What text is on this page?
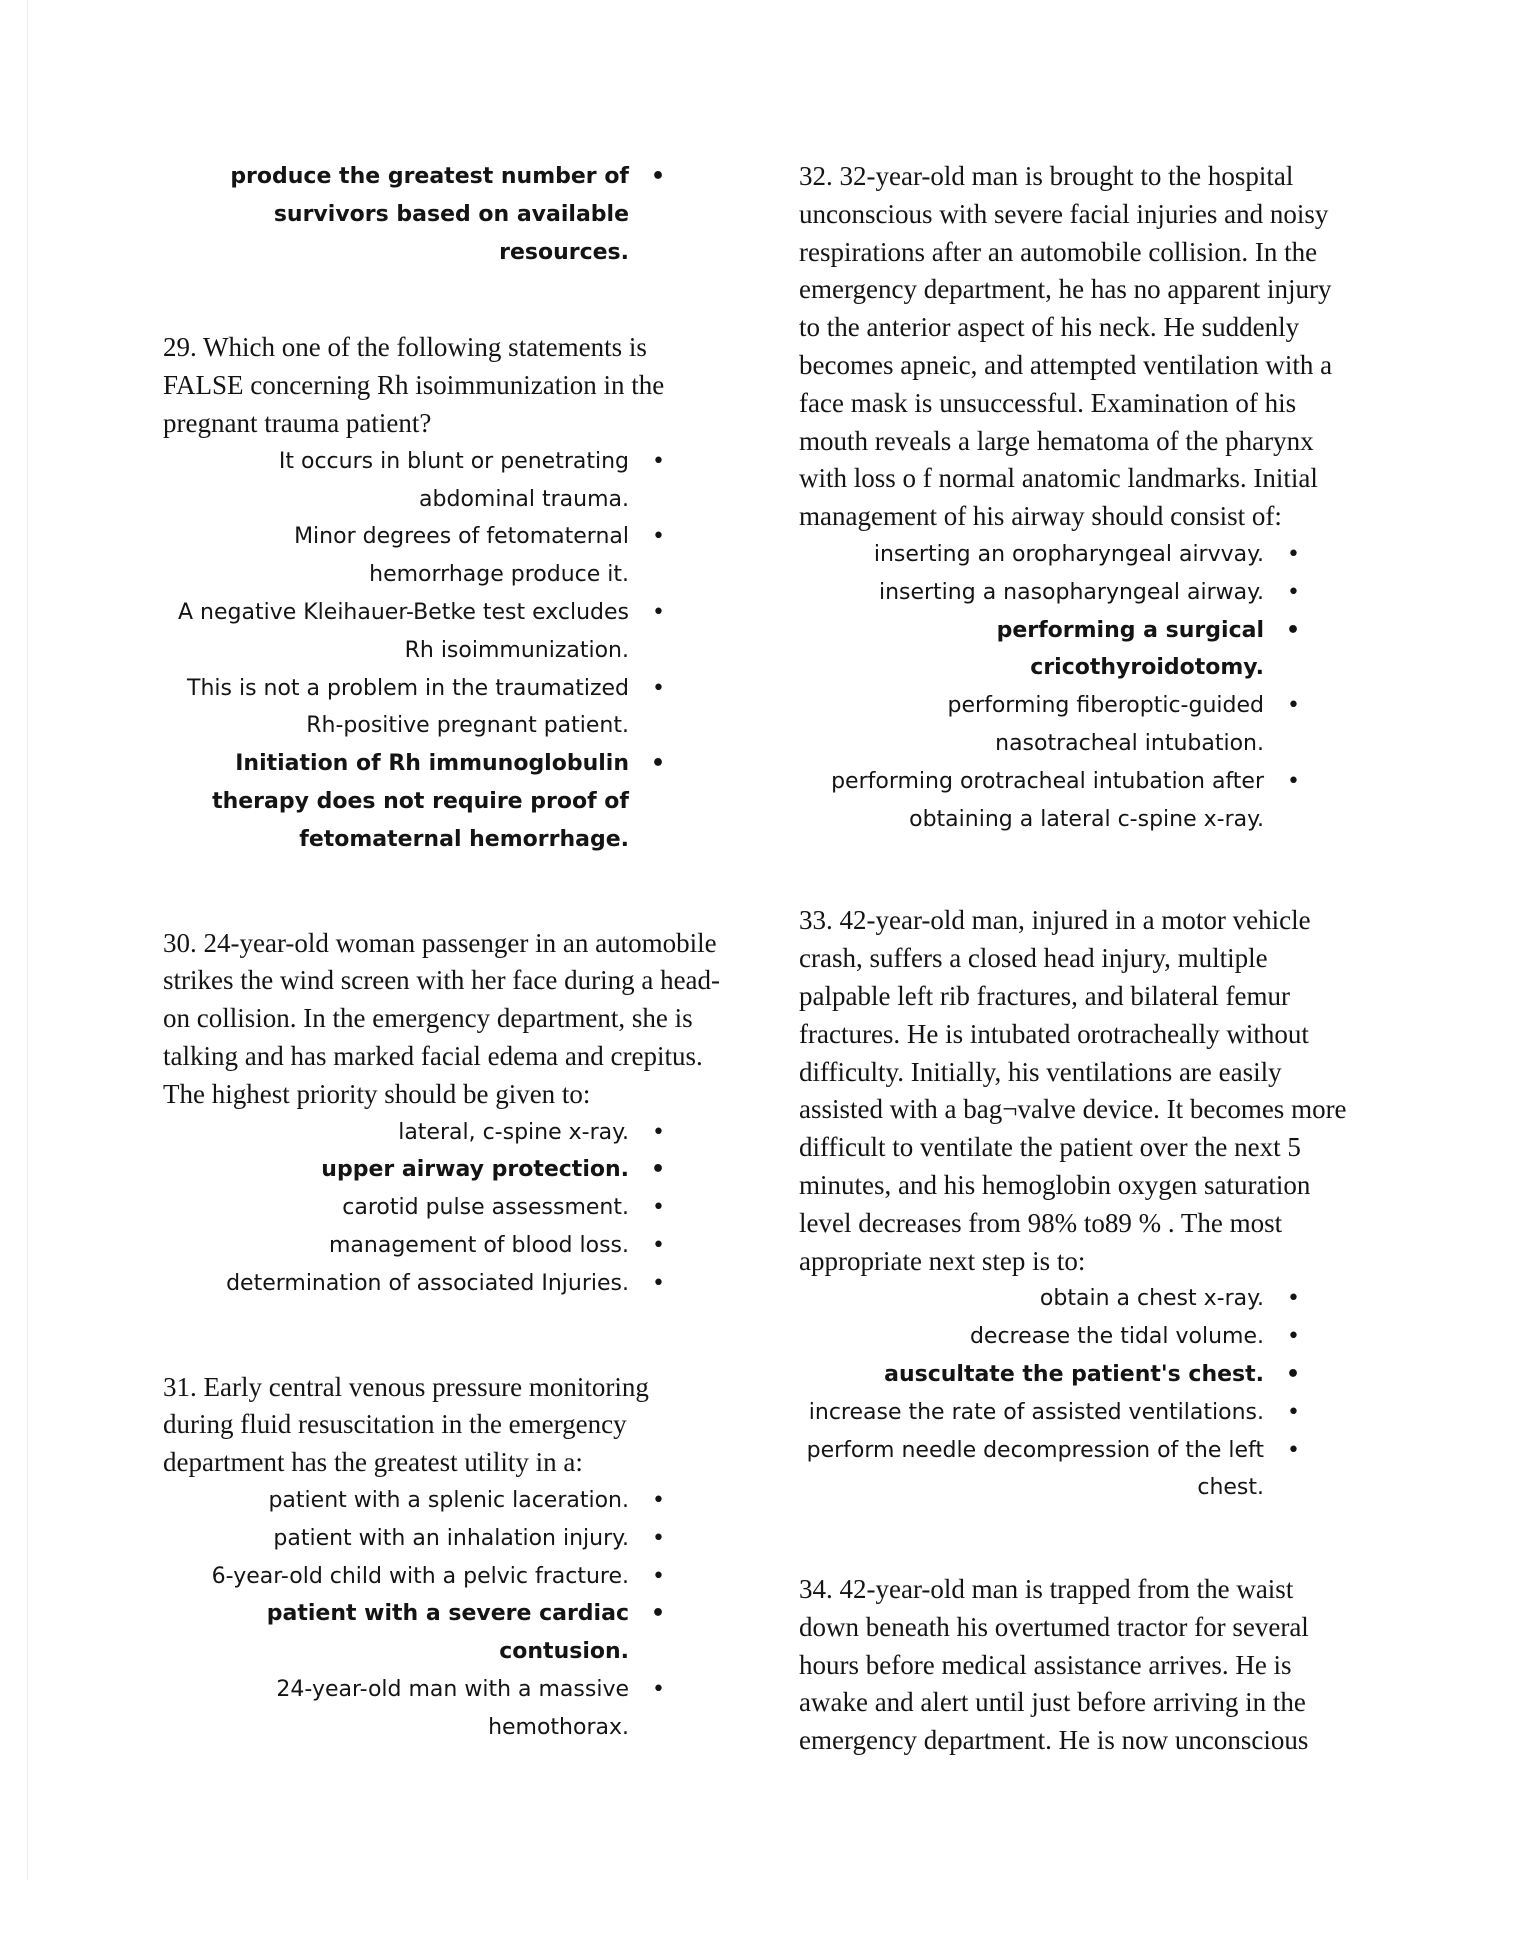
produce the greatest number of survivors based on available resources.
•

29. Which one of the following statements is FALSE concerning Rh isoimmunization in the pregnant trauma patient?

It occurs in blunt or penetrating abdominal trauma.
•
Minor degrees of fetomaternal hemorrhage produce it.
•
A negative Kleihauer-Betke test excludes Rh isoimmunization.
•
This is not a problem in the traumatized Rh-positive pregnant patient.
•
Initiation of Rh immunoglobulin therapy does not require proof of fetomaternal hemorrhage.
•

30. 24-year-old woman passenger in an automobile strikes the wind screen with her face during a head-on collision. In the emergency department, she is talking and has marked facial edema and crepitus. The highest priority should be given to:

lateral, c-spine x-ray. •
upper airway protection. •
carotid pulse assessment. •
management of blood loss. •
determination of associated Injuries. •

31. Early central venous pressure monitoring during fluid resuscitation in the emergency department has the greatest utility in a:

patient with a splenic laceration. •
patient with an inhalation injury. •
6-year-old child with a pelvic fracture. •
patient with a severe cardiac contusion.
•
24-year-old man with a massive hemothorax.
•

32. 32-year-old man is brought to the hospital unconscious with severe facial injuries and noisy respirations after an automobile collision. In the emergency department, he has no apparent injury to the anterior aspect of his neck. He suddenly becomes apneic, and attempted ventilation with a face mask is unsuccessful. Examination of his mouth reveals a large hematoma of the pharynx with loss o f normal anatomic landmarks. Initial management of his airway should consist of:

inserting an oropharyngeal airvvay. •
inserting a nasopharyngeal airway. •
performing a surgical cricothyroidotomy.
•
performing fiberoptic-guided nasotracheal intubation.
•
performing orotracheal intubation after obtaining a lateral c-spine x-ray.
•

33. 42-year-old man, injured in a motor vehicle crash, suffers a closed head injury, multiple palpable left rib fractures, and bilateral femur fractures. He is intubated orotracheally without difficulty. Initially, his ventilations are easily assisted with a bag¬valve device. It becomes more difficult to ventilate the patient over the next 5 minutes, and his hemoglobin oxygen saturation level decreases from 98% to89 % . The most appropriate next step is to:

obtain a chest x-ray. •
decrease the tidal volume. •
auscultate the patient's chest. •
increase the rate of assisted ventilations. •
perform needle decompression of the left chest.
•

34. 42-year-old man is trapped from the waist down beneath his overtumed tractor for several hours before medical assistance arrives. He is awake and alert until just before arriving in the emergency department. He is now unconscious
